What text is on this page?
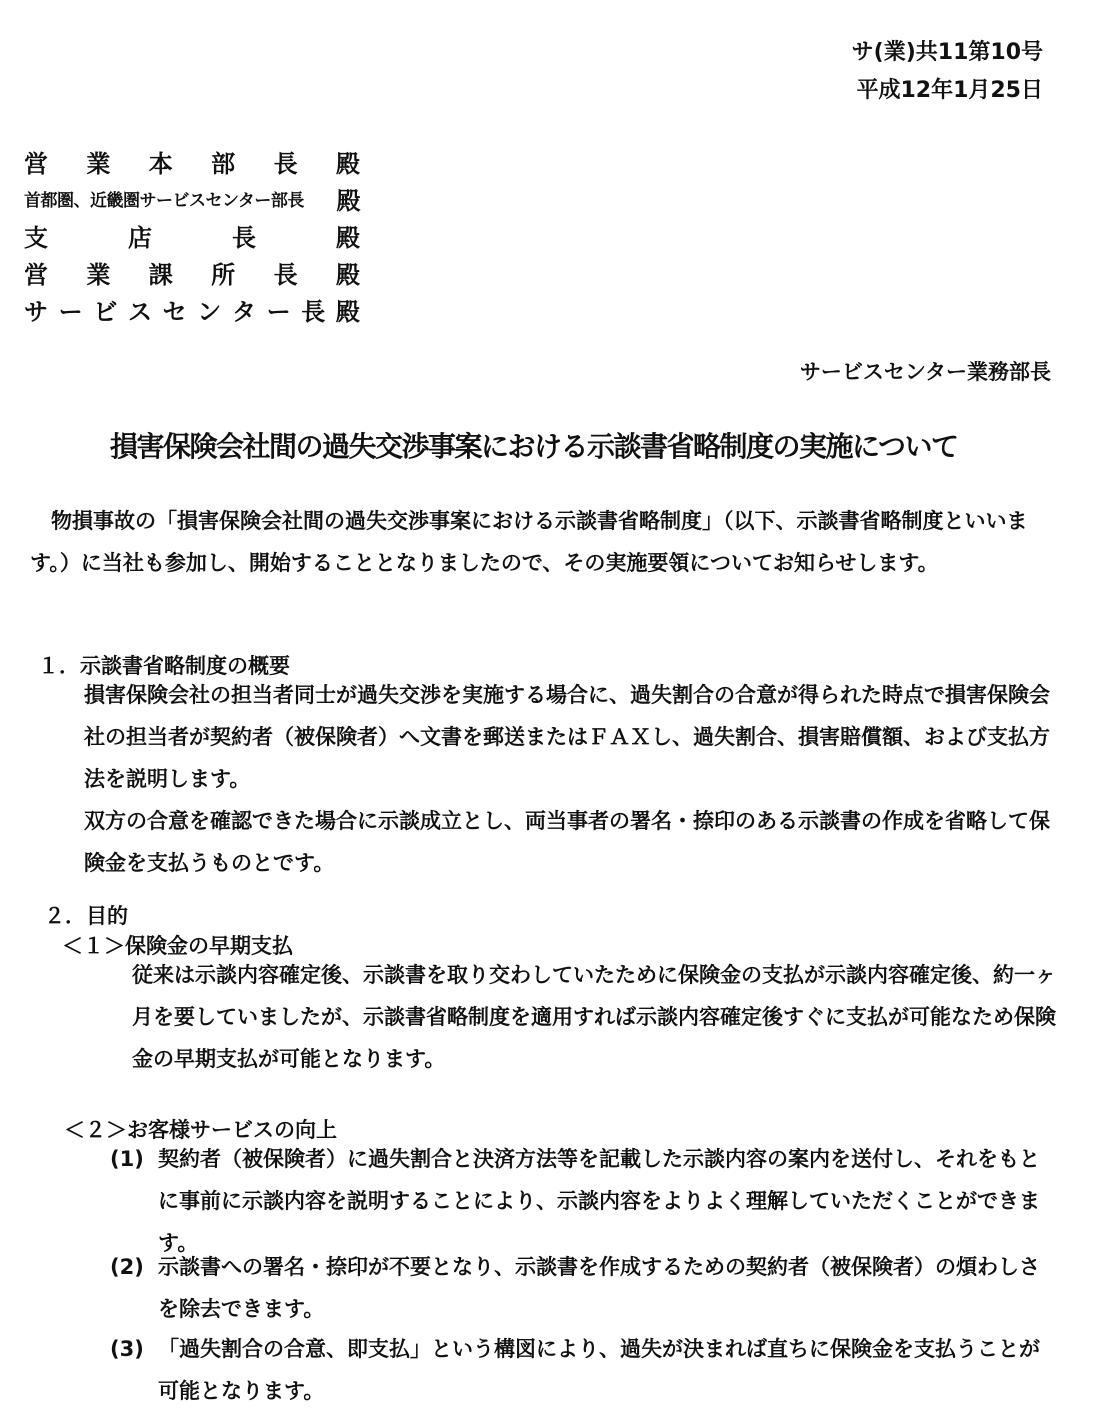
サ(業)共11第10号
平成12年1月25日
営 業 本 部 長 殿
首都圏、近畿圏サービスセンター部長 殿
支	店	長	殿
営 業 課 所 長 殿
サ ー ビ ス セ ン タ ー 長 殿
サービスセンター業務部長
損害保険会社間の過失交渉事案における示談書省略制度の実施について
　物損事故の「損害保険会社間の過失交渉事案における示談書省略制度」（以下、示談書省略制度といいます。）に当社も参加し、開始することとなりましたので、その実施要領についてお知らせします。
１．示談書省略制度の概要
損害保険会社の担当者同士が過失交渉を実施する場合に、過失割合の合意が得られた時点で損害保険会社の担当者が契約者（被保険者）へ文書を郵送またはＦＡＸし、過失割合、損害賠償額、および支払方法を説明します。
双方の合意を確認できた場合に示談成立とし、両当事者の署名・捺印のある示談書の作成を省略して保険金を支払うものとです。
２．目的
＜１＞保険金の早期支払
従来は示談内容確定後、示談書を取り交わしていたために保険金の支払が示談内容確定後、約一ヶ月を要していましたが、示談書省略制度を適用すれば示談内容確定後すぐに支払が可能なため保険金の早期支払が可能となります。
＜２＞お客様サービスの向上
(1) 契約者（被保険者）に過失割合と決済方法等を記載した示談内容の案内を送付し、それをもとに事前に示談内容を説明することにより、示談内容をよりよく理解していただくことができます。
(2) 示談書への署名・捺印が不要となり、示談書を作成するための契約者（被保険者）の煩わしさを除去できます。
(3) 「過失割合の合意、即支払」という構図により、過失が決まれば直ちに保険金を支払うことが可能となります。
